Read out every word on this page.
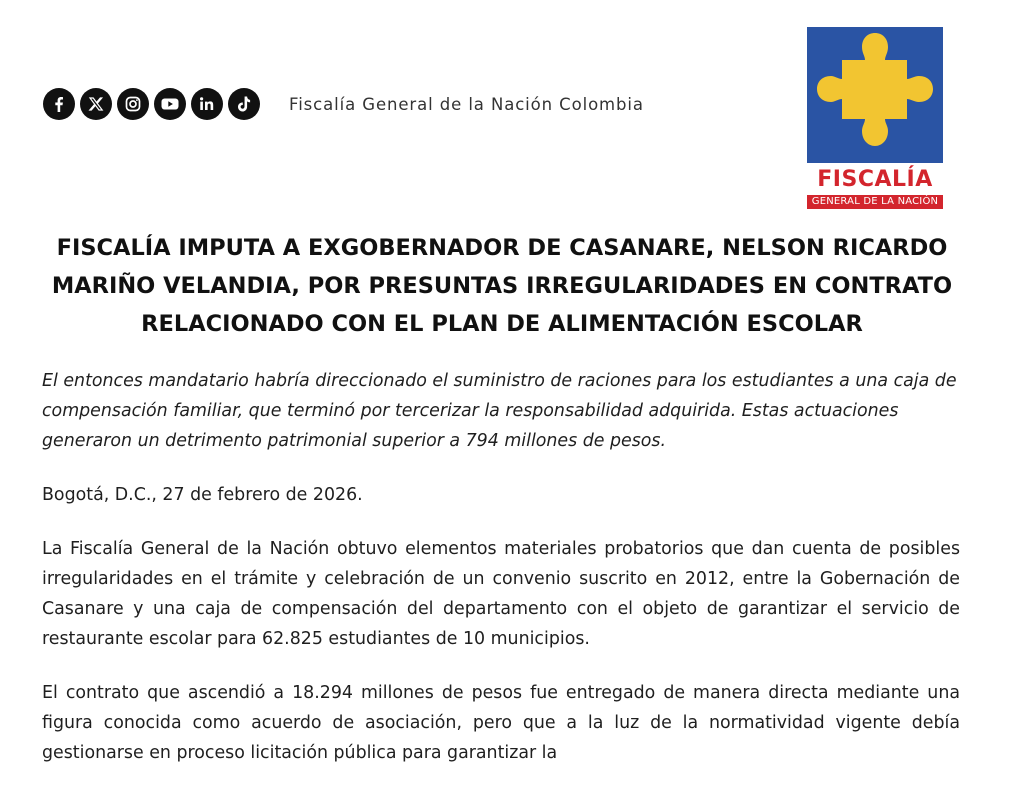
Fiscalía General de la Nación Colombia
FISCALÍA
GENERAL DE LA NACIÓN
FISCALÍA IMPUTA A EXGOBERNADOR DE CASANARE, NELSON RICARDO MARIÑO VELANDIA, POR PRESUNTAS IRREGULARIDADES EN CONTRATO RELACIONADO CON EL PLAN DE ALIMENTACIÓN ESCOLAR

El entonces mandatario habría direccionado el suministro de raciones para los estudiantes a una caja de compensación familiar, que terminó por tercerizar la responsabilidad adquirida. Estas actuaciones generaron un detrimento patrimonial superior a 794 millones de pesos.

Bogotá, D.C., 27 de febrero de 2026.

La Fiscalía General de la Nación obtuvo elementos materiales probatorios que dan cuenta de posibles irregularidades en el trámite y celebración de un convenio suscrito en 2012, entre la Gobernación de Casanare y una caja de compensación del departamento con el objeto de garantizar el servicio de restaurante escolar para 62.825 estudiantes de 10 municipios.

El contrato que ascendió a 18.294 millones de pesos fue entregado de manera directa mediante una figura conocida como acuerdo de asociación, pero que a la luz de la normatividad vigente debía gestionarse en proceso licitación pública para garantizar la
